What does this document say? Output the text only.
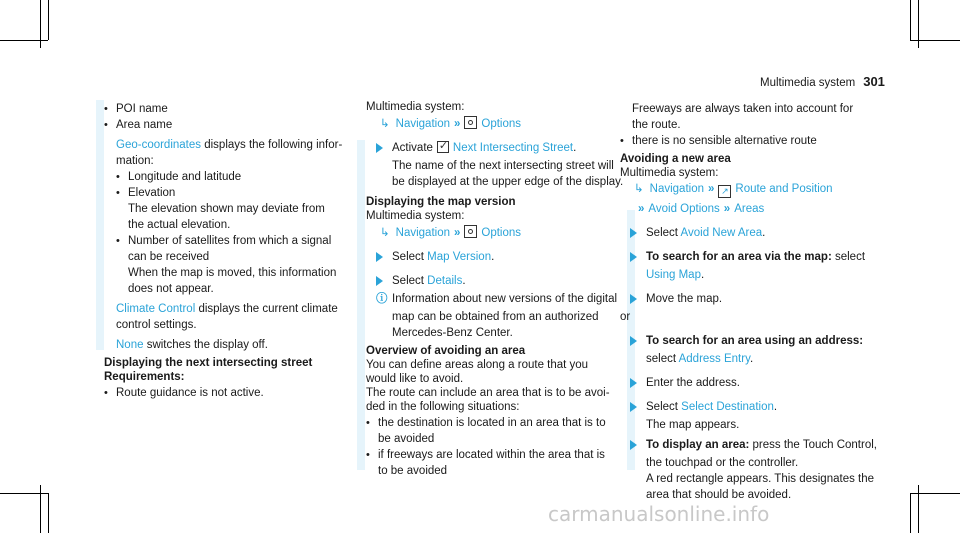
Multimedia system 301
• POI name
• Area name
Geo-coordinates displays the following infor-
mation:
• Longitude and latitude
• Elevation
The elevation shown may deviate from
the actual elevation.
• Number of satellites from which a signal
can be received
When the map is moved, this information
does not appear.
Climate Control displays the current climate
control settings.
None switches the display off.
Displaying the next intersecting street
Requirements:
• Route guidance is not active.
Multimedia system:
↳ Navigation » Options
Activate✓ Next Intersecting Street.
The name of the next intersecting street will
be displayed at the upper edge of the display.
Displaying the map version
Multimedia system:
↳ Navigation » Options
Select Map Version.
Select Details.
ⓘ Information about new versions of the digital
map can be obtained from an authorized
Mercedes-Benz Center.
Overview of avoiding an area
You can define areas along a route that you
would like to avoid.
The route can include an area that is to be avoi-
ded in the following situations:
• the destination is located in an area that is to
be avoided
• if freeways are located within the area that is
to be avoided
Freeways are always taken into account for
the route.
• there is no sensible alternative route
Avoiding a new area
Multimedia system:
↳ Navigation » ↗ Route and Position
» Avoid Options » Areas
Select Avoid New Area.
To search for an area via the map: select
Using Map.
Move the map.
or
To search for an area using an address:
select Address Entry.
Enter the address.
Select Select Destination.
The map appears.
To display an area: press the Touch Control,
the touchpad or the controller.
A red rectangle appears. This designates the
area that should be avoided.
carmanualsonline.info
